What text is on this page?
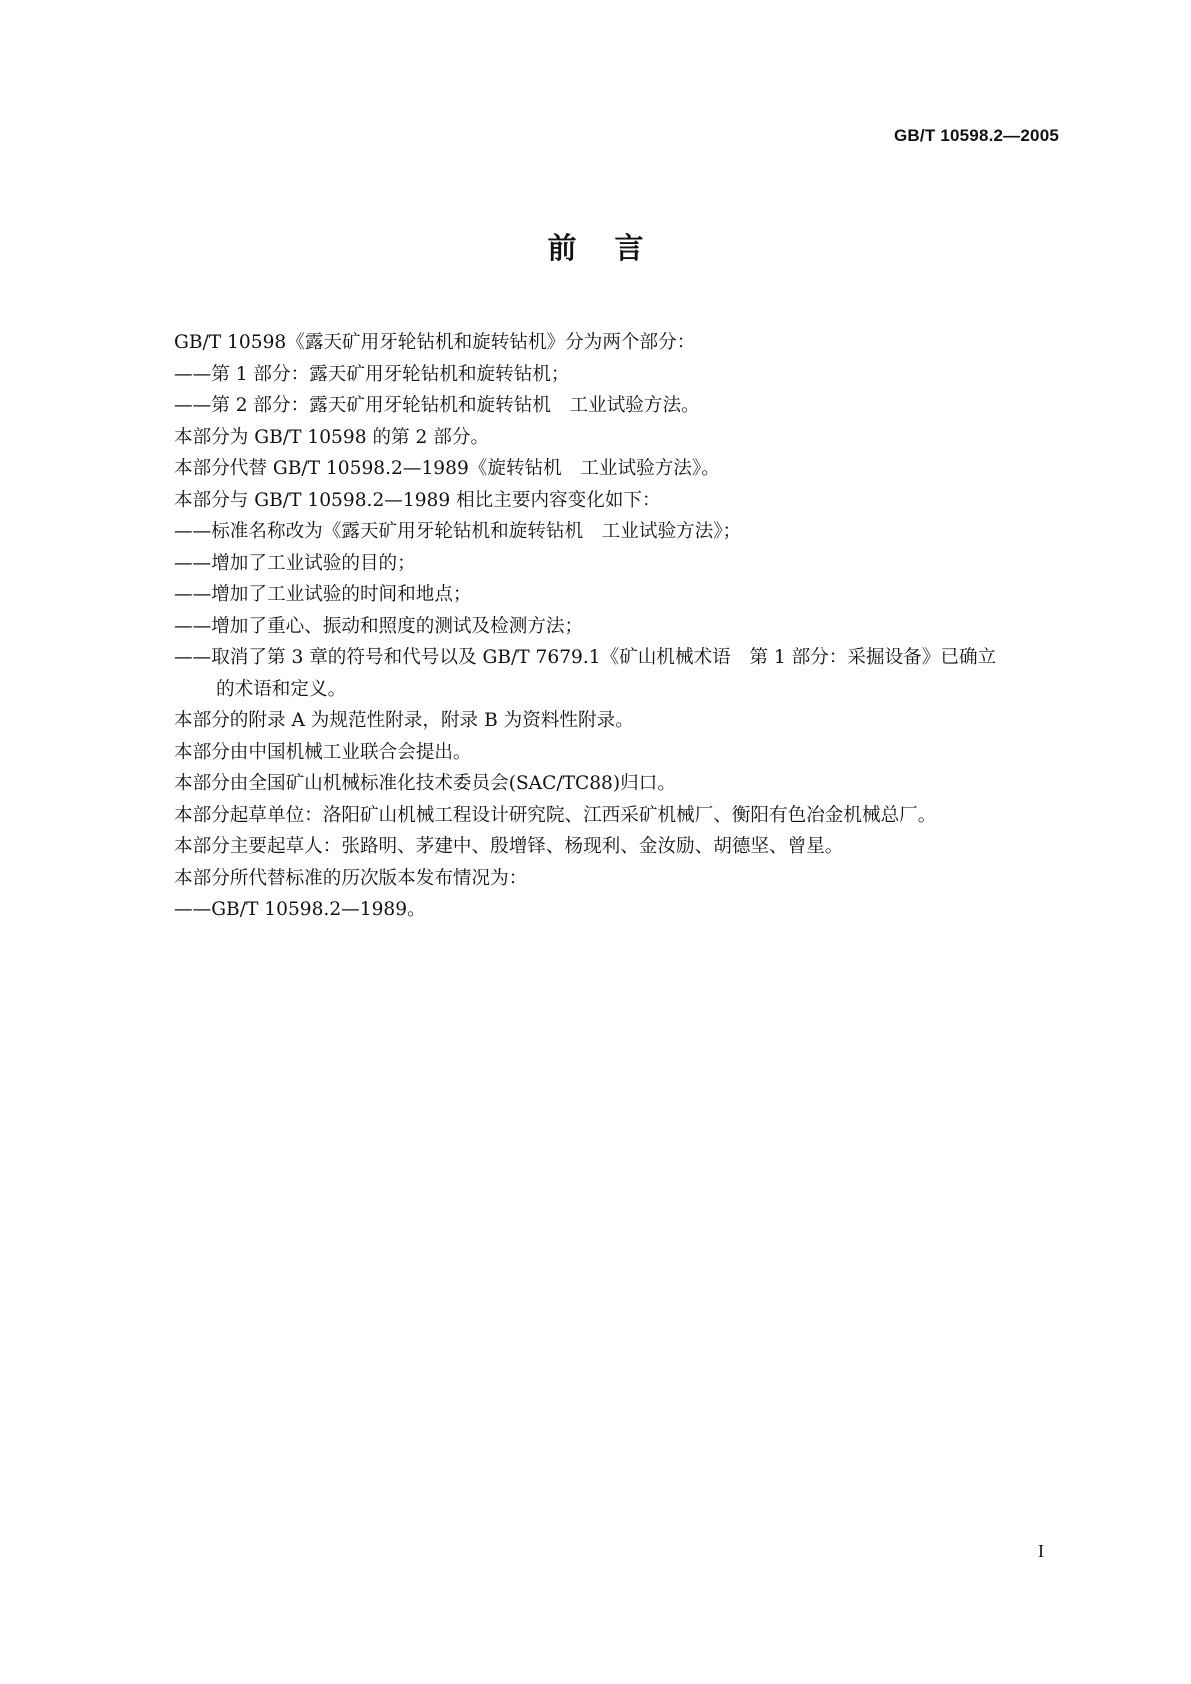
GB/T 10598.2—2005
前言
GB/T 10598《露天矿用牙轮钻机和旋转钻机》分为两个部分：
——第 1 部分：露天矿用牙轮钻机和旋转钻机；
——第 2 部分：露天矿用牙轮钻机和旋转钻机　工业试验方法。
本部分为 GB/T 10598 的第 2 部分。
本部分代替 GB/T 10598.2—1989《旋转钻机　工业试验方法》。
本部分与 GB/T 10598.2—1989 相比主要内容变化如下：
——标准名称改为《露天矿用牙轮钻机和旋转钻机　工业试验方法》；
——增加了工业试验的目的；
——增加了工业试验的时间和地点；
——增加了重心、振动和照度的测试及检测方法；
——取消了第 3 章的符号和代号以及 GB/T 7679.1《矿山机械术语　第 1 部分：采掘设备》已确立
的术语和定义。
本部分的附录 A 为规范性附录，附录 B 为资料性附录。
本部分由中国机械工业联合会提出。
本部分由全国矿山机械标准化技术委员会(SAC/TC88)归口。
本部分起草单位：洛阳矿山机械工程设计研究院、江西采矿机械厂、衡阳有色冶金机械总厂。
本部分主要起草人：张路明、茅建中、殷增铎、杨现利、金汝励、胡德坚、曾星。
本部分所代替标准的历次版本发布情况为：
——GB/T 10598.2—1989。
I
